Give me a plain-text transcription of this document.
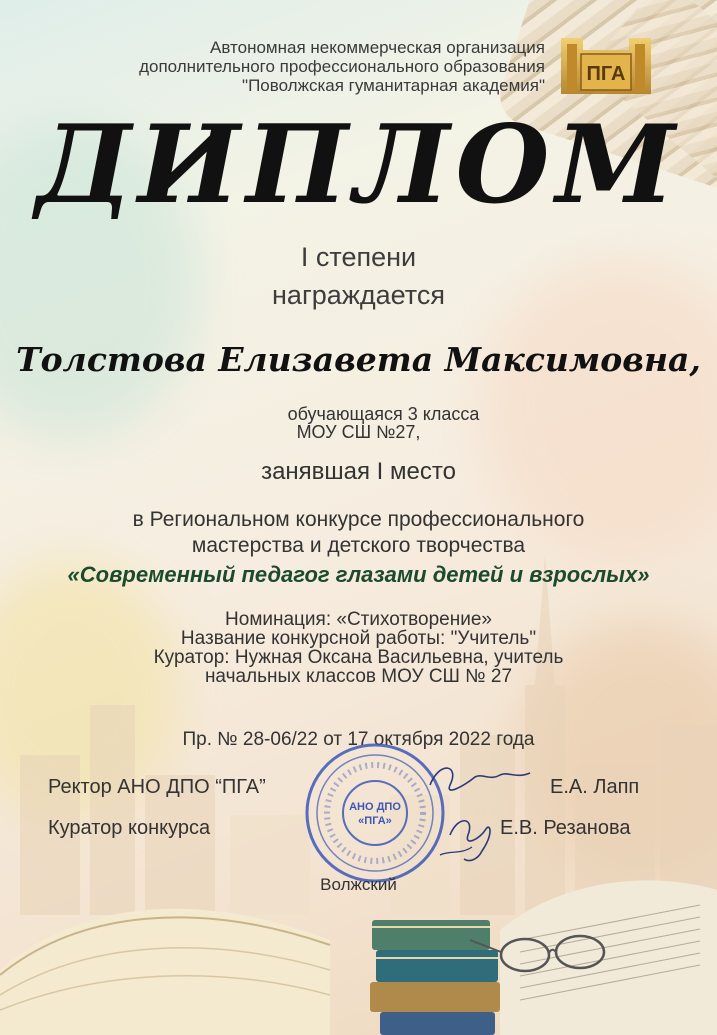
Автономная некоммерческая организация
дополнительного профессионального образования
"Поволжская гуманитарная академия"
ПГА
ДИПЛОМ
I степени
награждается
Толстова Елизавета Максимовна,
обучающаяся 3 класса
МОУ СШ №27,
занявшая I место
в Региональном конкурсе профессионального
мастерства и детского творчества
«Современный педагог глазами детей и взрослых»
Номинация: «Стихотворение»
Название конкурсной работы: "Учитель"
Куратор: Нужная Оксана Васильевна, учитель
начальных классов МОУ СШ № 27
Пр. № 28-06/22 от 17 октября 2022 года
Ректор АНО ДПО “ПГА”	Е.А. Лапп
Куратор конкурса	Е.В. Резанова
АНО ДПО
«ПГА»
Волжский
